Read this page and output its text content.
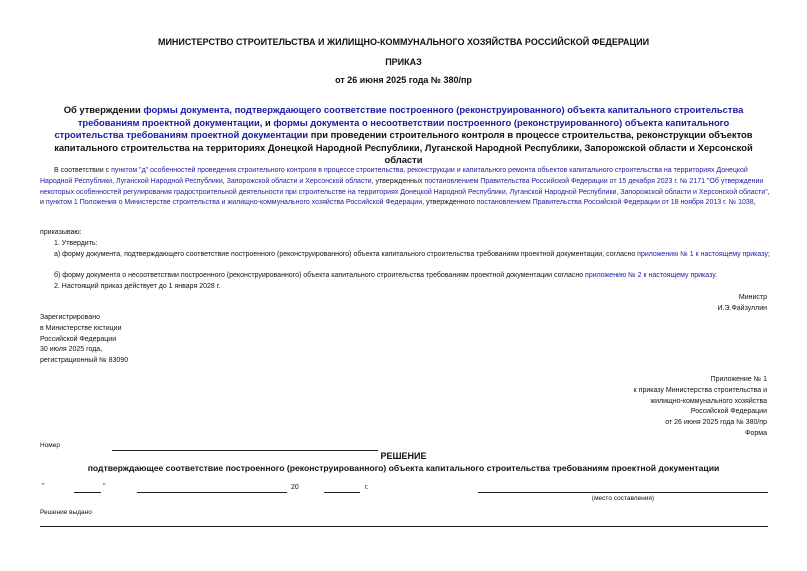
МИНИСТЕРСТВО СТРОИТЕЛЬСТВА И ЖИЛИЩНО-КОММУНАЛЬНОГО ХОЗЯЙСТВА РОССИЙСКОЙ ФЕДЕРАЦИИ
ПРИКАЗ
от 26 июня 2025 года № 380/пр
Об утверждении формы документа, подтверждающего соответствие построенного (реконструированного) объекта капитального строительства требованиям проектной документации, и формы документа о несоответствии построенного (реконструированного) объекта капитального строительства требованиям проектной документации при проведении строительного контроля в процессе строительства, реконструкции объектов капитального строительства на территориях Донецкой Народной Республики, Луганской Народной Республики, Запорожской области и Херсонской области
В соответствии с пунктом "д" особенностей проведения строительного контроля в процессе строительства, реконструкции и капитального ремонта объектов капитального строительства на территориях Донецкой Народной Республики, Луганской Народной Республики, Запорожской области и Херсонской области, утвержденных постановлением Правительства Российской Федерации от 15 декабря 2023 г. № 2171 "Об утверждении некоторых особенностей регулирования градостроительной деятельности при строительстве на территориях Донецкой Народной Республики, Луганской Народной Республики, Запорожской области и Херсонской области", и пунктом 1 Положения о Министерстве строительства и жилищно-коммунального хозяйства Российской Федерации, утвержденного постановлением Правительства Российской Федерации от 18 ноября 2013 г. № 1038,
приказываю:
1. Утвердить:
а) форму документа, подтверждающего соответствие построенного (реконструированного) объекта капитального строительства требованиям проектной документации, согласно приложению № 1 к настоящему приказу;
б) форму документа о несоответствии построенного (реконструированного) объекта капитального строительства требованиям проектной документации согласно приложению № 2 к настоящему приказу.
2. Настоящий приказ действует до 1 января 2028 г.
Министр
И.Э.Файзуллин
Зарегистрировано
в Министерстве юстиции
Российской Федерации
30 июля 2025 года,
регистрационный № 83090
Приложение № 1
к приказу Министерства строительства и
жилищно-коммунального хозяйства
Российской Федерации
от 26 июня 2025 года № 380/пр
Форма
Номер
РЕШЕНИЕ
подтверждающее соответствие построенного (реконструированного) объекта капитального строительства требованиям проектной документации
"	"	20	г.
(место составления)
Решение выдано
